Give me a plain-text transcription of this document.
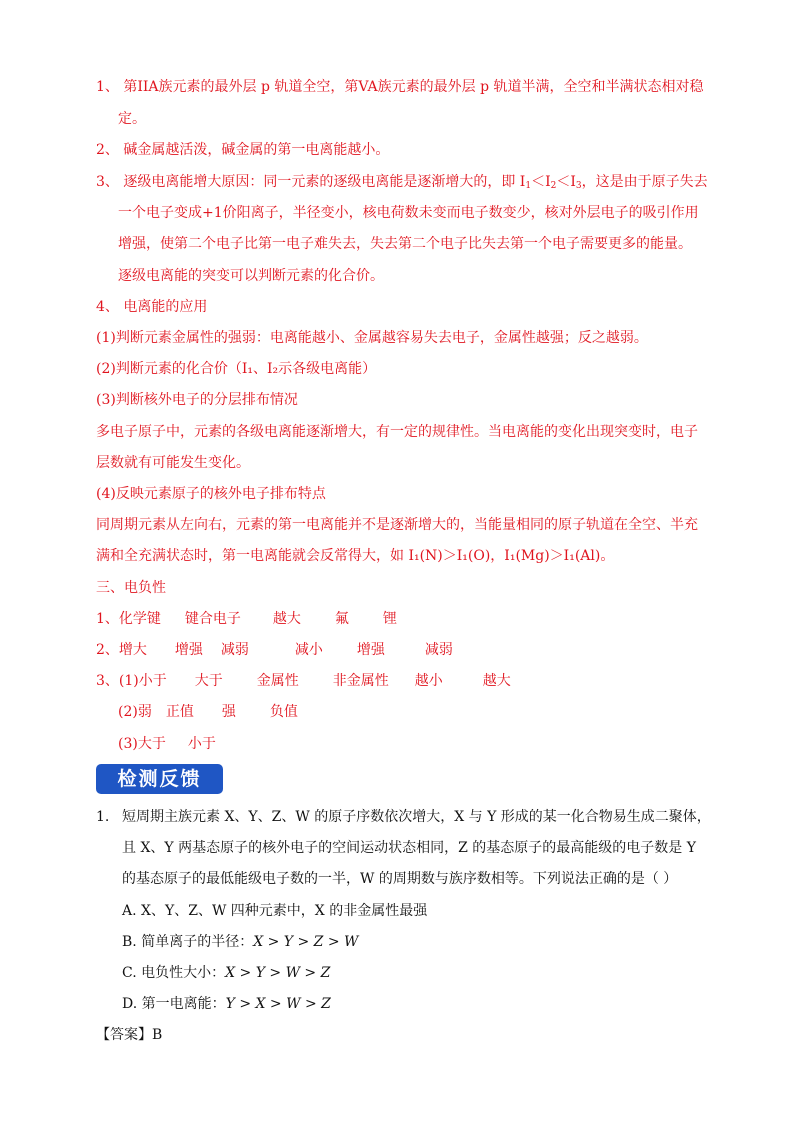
1、 第IIA族元素的最外层 p 轨道全空，第VA族元素的最外层 p 轨道半满，全空和半满状态相对稳
定。
2、 碱金属越活泼，碱金属的第一电离能越小。
3、 逐级电离能增大原因：同一元素的逐级电离能是逐渐增大的，即 $I_1<I_2<I_3$，这是由于原子失去
一个电子变成+1价阳离子，半径变小，核电荷数未变而电子数变少，核对外层电子的吸引作用
增强，使第二个电子比第一电子难失去，失去第二个电子比失去第一个电子需要更多的能量。
逐级电离能的突变可以判断元素的化合价。
4、 电离能的应用
(1)判断元素金属性的强弱：电离能越小、金属越容易失去电子，金属性越强；反之越弱。
(2)判断元素的化合价（I₁、I₂示各级电离能）
(3)判断核外电子的分层排布情况
多电子原子中，元素的各级电离能逐渐增大，有一定的规律性。当电离能的变化出现突变时，电子
层数就有可能发生变化。
(4)反映元素原子的核外电子排布特点
同周期元素从左向右，元素的第一电离能并不是逐渐增大的，当能量相同的原子轨道在全空、半充
满和全充满状态时，第一电离能就会反常得大，如 I₁(N)＞I₁(O)，I₁(Mg)＞I₁(Al)。
三、电负性
1、化学键 键合电子 越大 氟 锂
2、增大 增强 减弱	减小 增强	减弱
3、(1)小于 大于 金属性 非金属性 越小	越大
(2)弱 正值 强 负值
(3)大于 小于
检测反馈
1. 短周期主族元素 X、Y、Z、W 的原子序数依次增大，X 与 Y 形成的某一化合物易生成二聚体，
且 X、Y 两基态原子的核外电子的空间运动状态相同，Z 的基态原子的最高能级的电子数是 Y
的基态原子的最低能级电子数的一半，W 的周期数与族序数相等。下列说法正确的是（ ）
A. X、Y、Z、W 四种元素中，X 的非金属性最强
B. 简单离子的半径：X > Y > Z > W
C. 电负性大小：X > Y > W > Z
D. 第一电离能：Y > X > W > Z
【答案】B
